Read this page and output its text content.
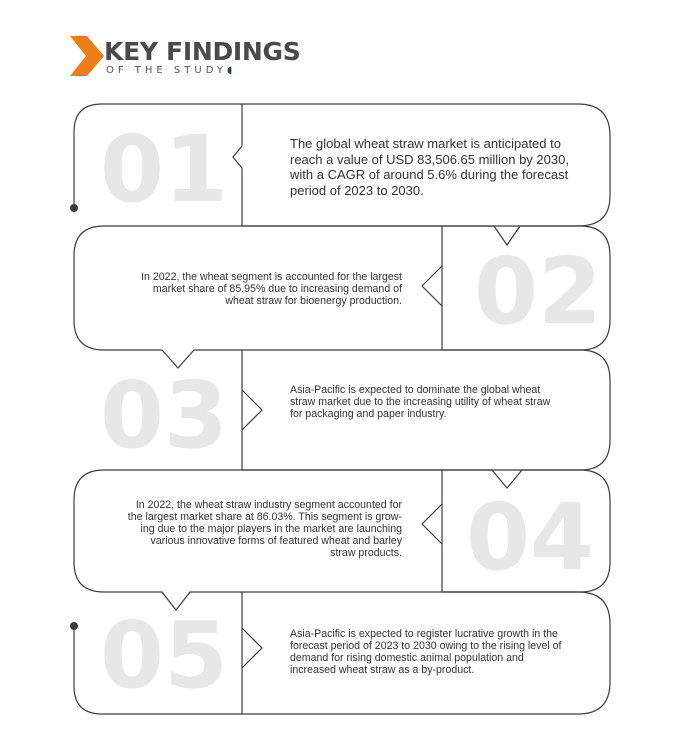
KEY FINDINGS
OF THE STUDY◖
01
02
03
04
05
The global wheat straw market is anticipated to
reach a value of USD 83,506.65 million by 2030,
with a CAGR of around 5.6% during the forecast
period of 2023 to 2030.
In 2022, the wheat segment is accounted for the largest
market share of 85.95% due to increasing demand of
wheat straw for bioenergy production.
Asia-Pacific is expected to dominate the global wheat
straw market due to the increasing utility of wheat straw
for packaging and paper industry.
In 2022, the wheat straw industry segment accounted for
the largest market share at 86.03%. This segment is grow-
ing due to the major players in the market are launching
various innovative forms of featured wheat and barley
straw products.
Asia-Pacific is expected to register lucrative growth in the
forecast period of 2023 to 2030 owing to the rising level of
demand for rising domestic animal population and
increased wheat straw as a by-product.
